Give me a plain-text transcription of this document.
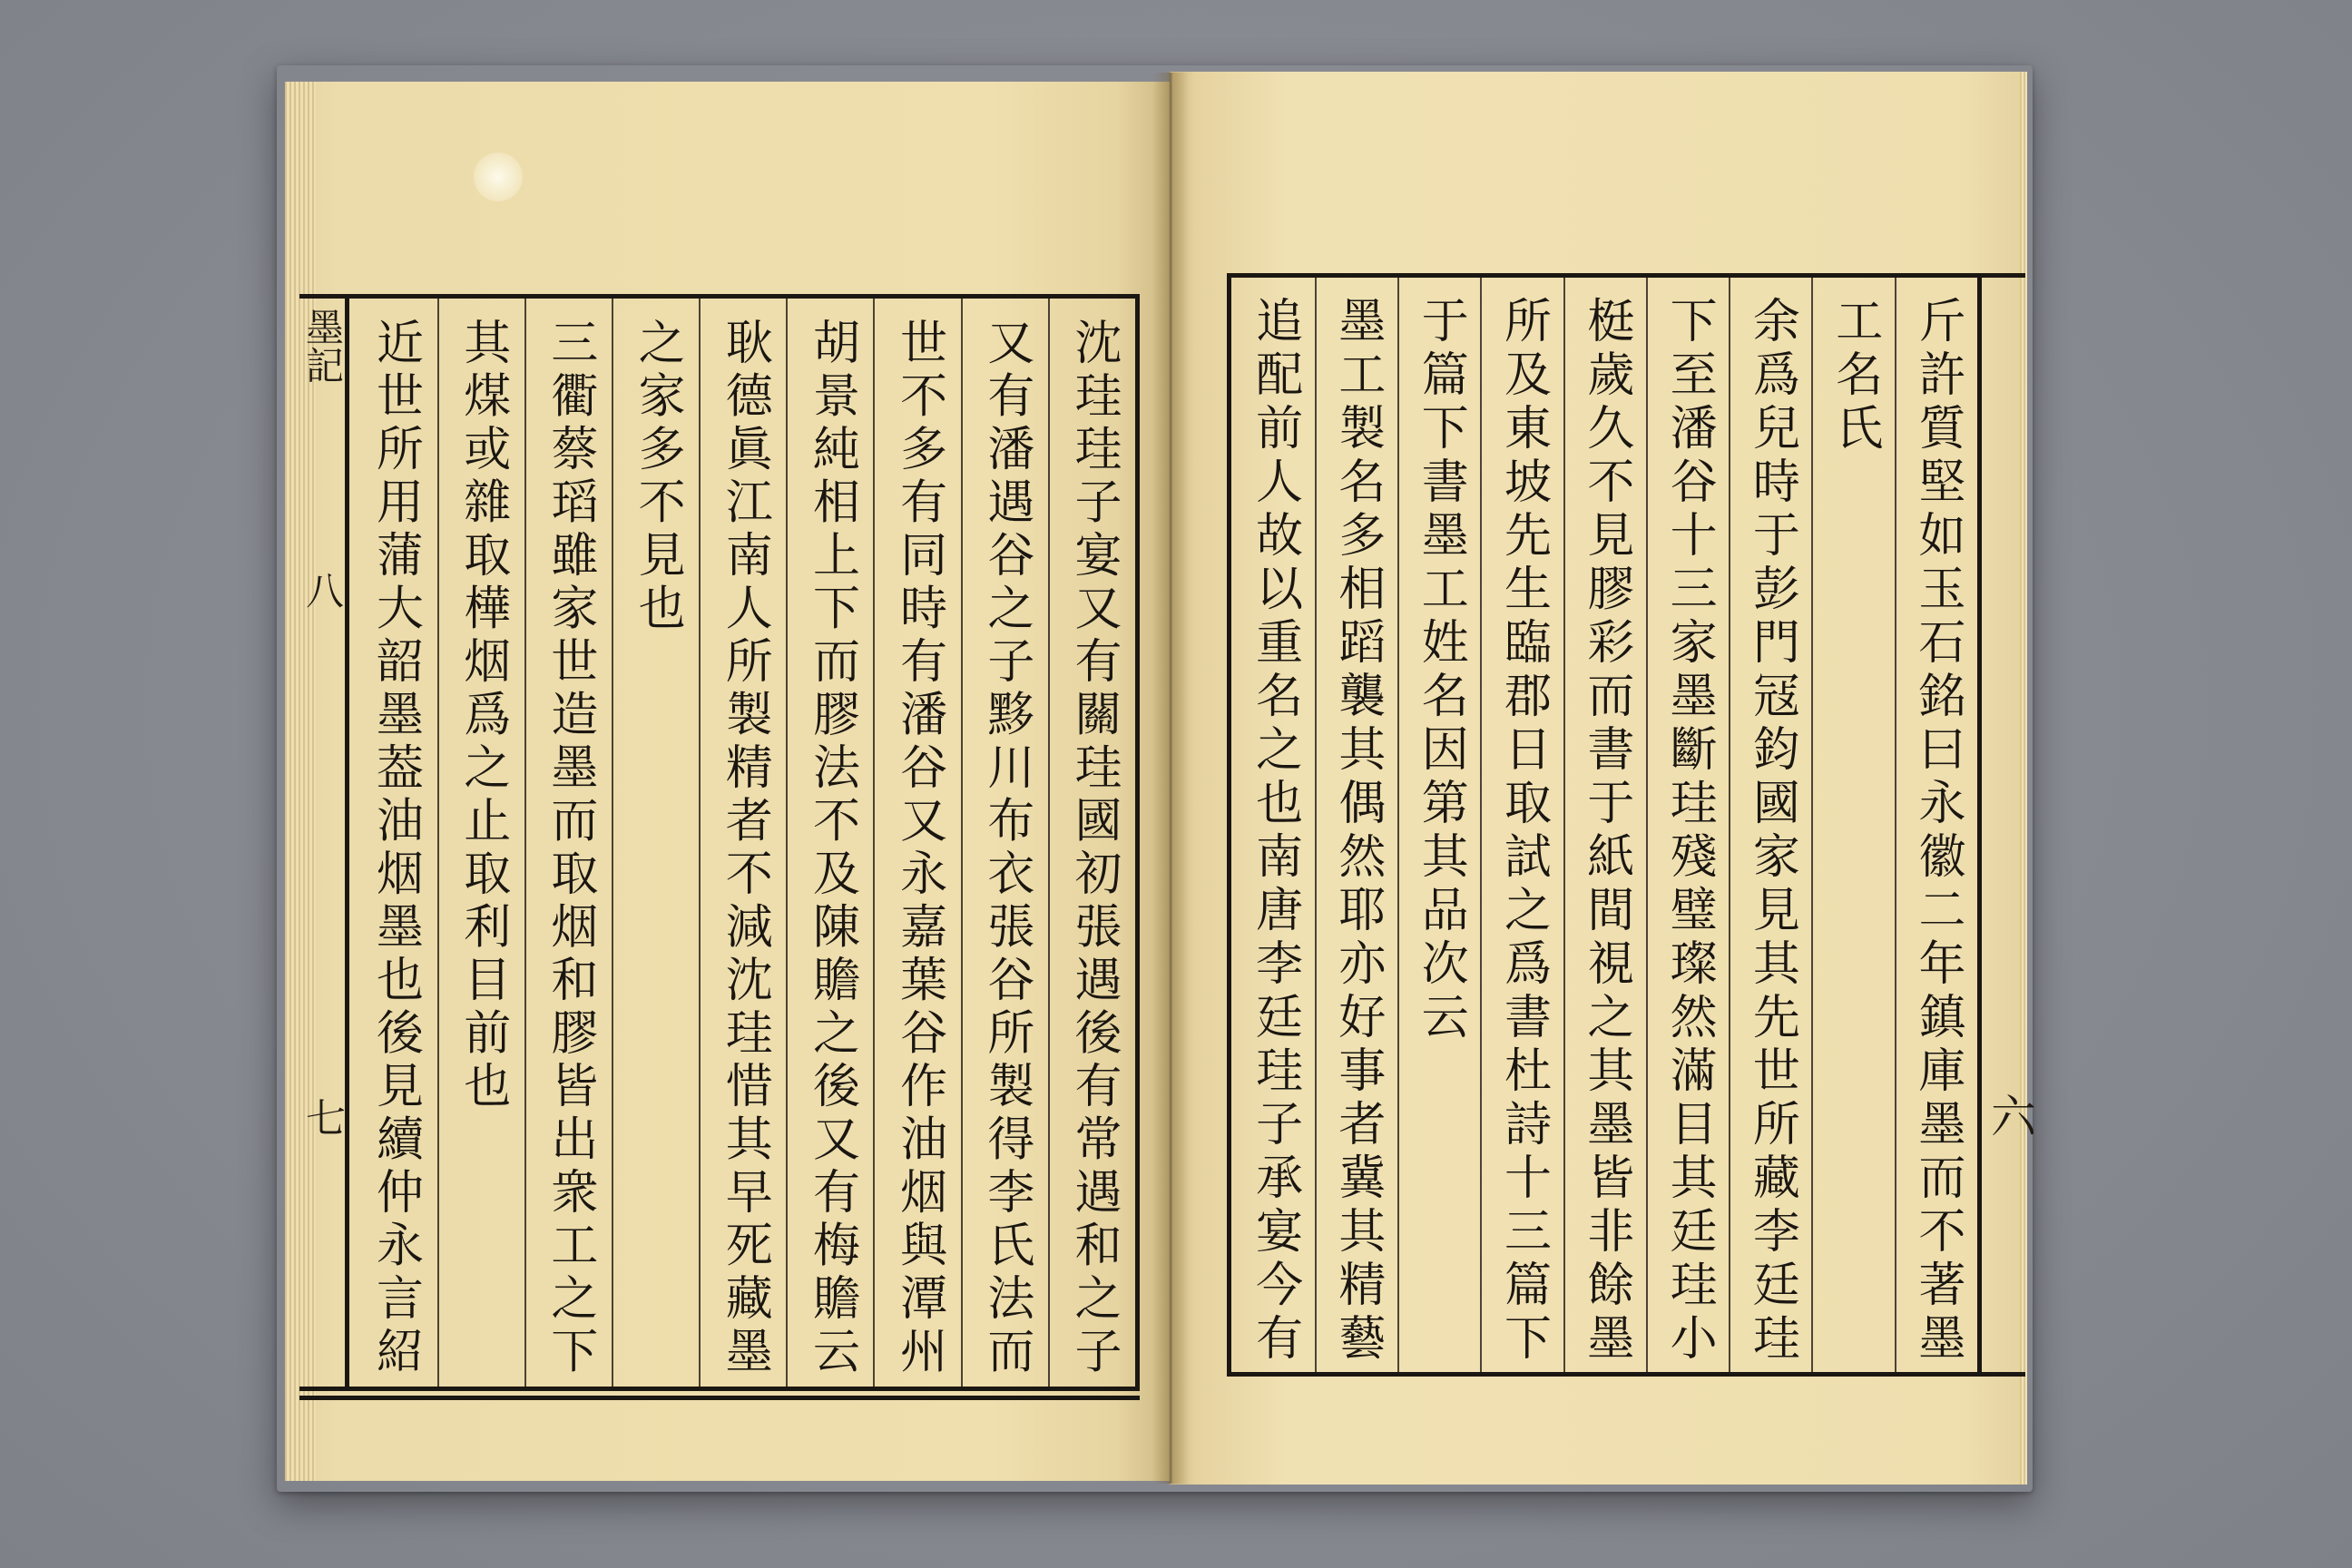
斤許質堅如玉石銘曰永徽二年鎮庫墨而不著墨
工名氏
余爲兒時于彭門冦鈞國家見其先世所藏李廷珪
下至潘谷十三家墨斷珪殘璧璨然滿目其廷珪小
梃歲久不見膠彩而書于紙間視之其墨皆非餘墨
所及東坡先生臨郡日取試之爲書杜詩十三篇下
于篇下書墨工姓名因第其品次云
墨工製名多相蹈襲其偶然耶亦好事者冀其精藝
追配前人故以重名之也南唐李廷珪子承宴今有	六
沈珪珪子宴又有關珪國初張遇後有常遇和之子
又有潘遇谷之子黟川布衣張谷所製得李氏法而
世不多有同時有潘谷又永嘉葉谷作油烟與潭州
胡景純相上下而膠法不及陳贍之後又有梅贍云
耿德眞江南人所製精者不減沈珪惜其早死藏墨
之家多不見也
三衢蔡瑫雖家世造墨而取烟和膠皆出衆工之下
其煤或雜取樺烟爲之止取利目前也
近世所用蒲大韶墨葢油烟墨也後見續仲永言紹
墨記
八
七
